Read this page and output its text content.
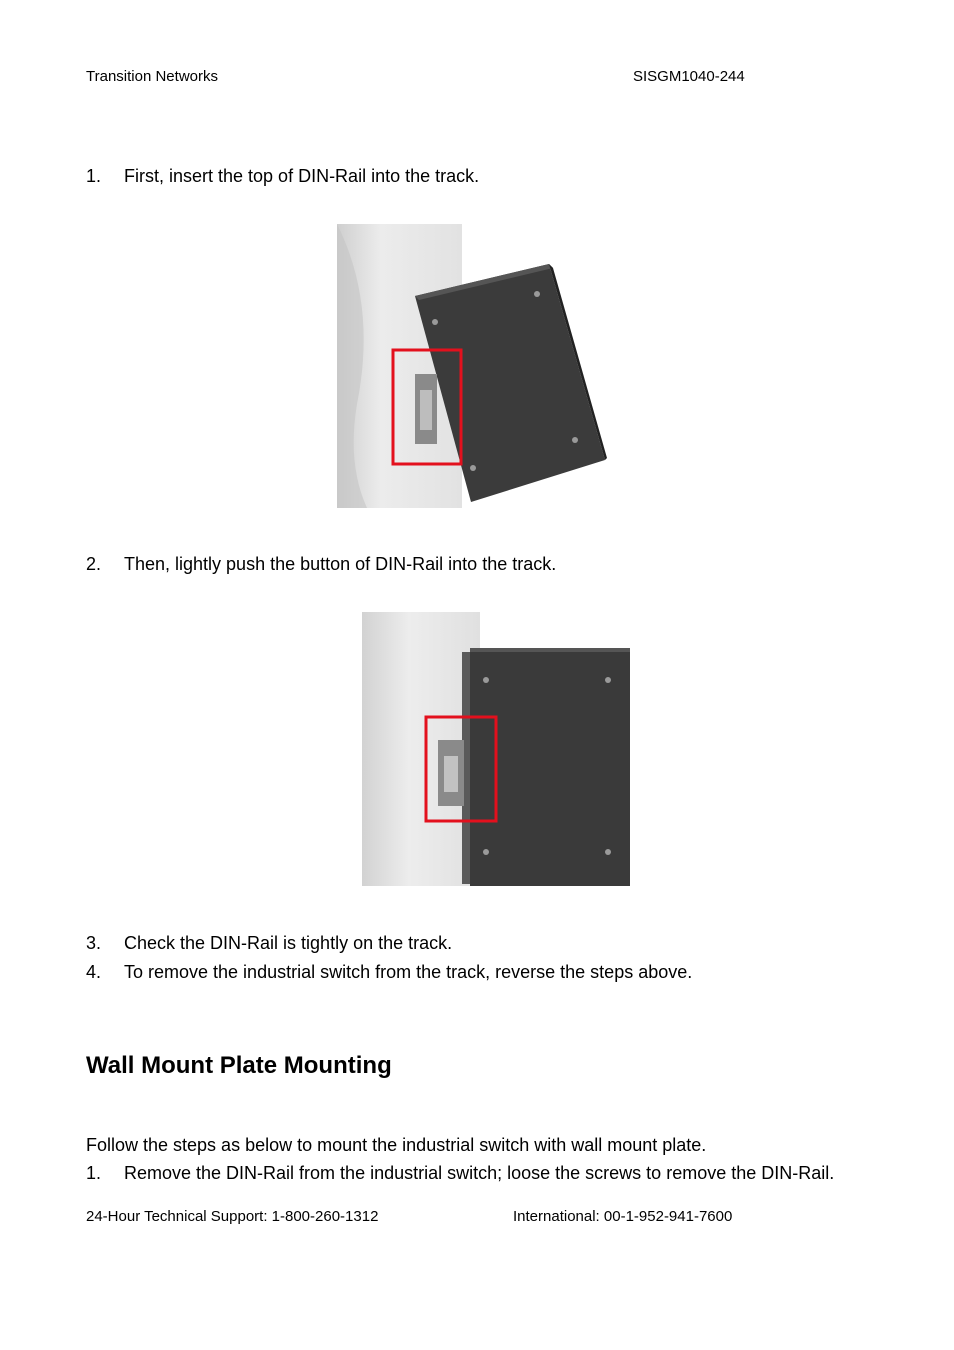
Transition Networks	SISGM1040-244
1.	First, insert the top of DIN-Rail into the track.
2.	Then, lightly push the button of DIN-Rail into the track.
3.	Check the DIN-Rail is tightly on the track.
4.	To remove the industrial switch from the track, reverse the steps above.
Wall Mount Plate Mounting
Follow the steps as below to mount the industrial switch with wall mount plate.
1.	Remove the DIN-Rail from the industrial switch; loose the screws to remove the DIN-Rail.
24-Hour Technical Support: 1-800-260-1312	International: 00-1-952-941-7600
